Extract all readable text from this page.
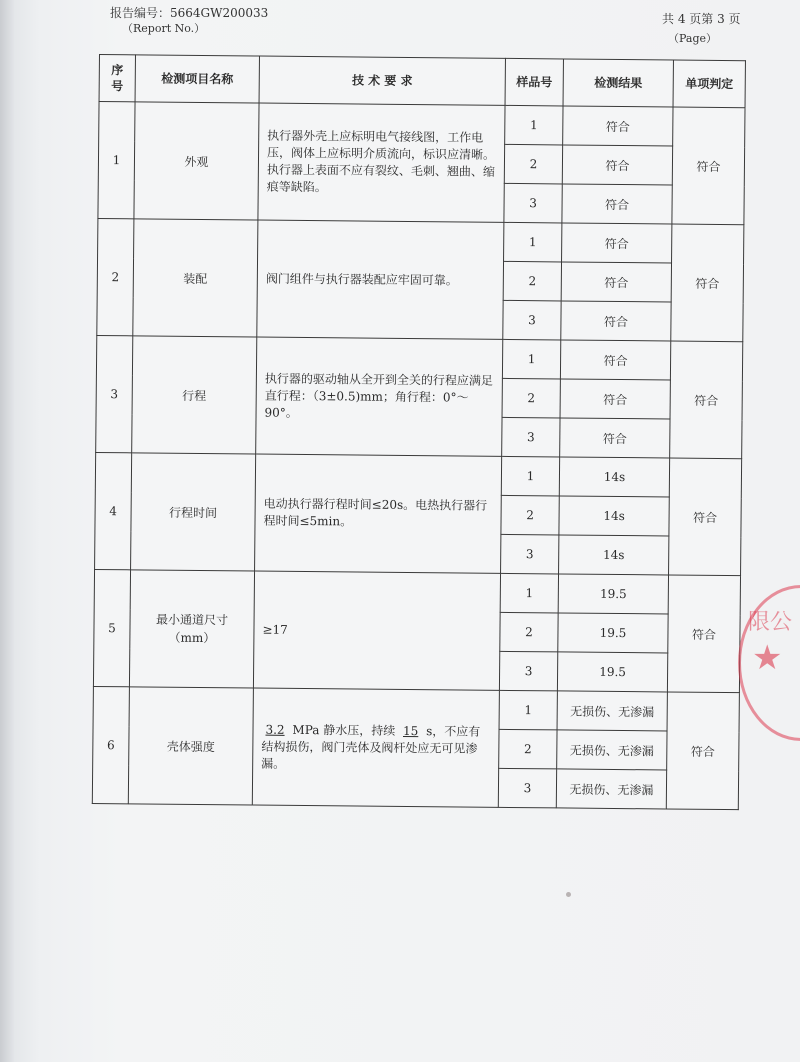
报告编号：5664GW200033
（Report No.）
共 4 页第 3 页
（Page）
序号	检测项目名称	技 术 要 求	样品号	检测结果	单项判定
1	外观	执行器外壳上应标明电气接线图，工作电压，阀体上应标明介质流向，标识应清晰。执行器上表面不应有裂纹、毛刺、翘曲、缩痕等缺陷。	1	符合	符合
			2	符合	
			3	符合	
2	装配	阀门组件与执行器装配应牢固可靠。	1	符合	符合
			2	符合	
			3	符合	
3	行程	执行器的驱动轴从全开到全关的行程应满足直行程：（3±0.5)mm；角行程：0°～90°。	1	符合	符合
			2	符合	
			3	符合	
4	行程时间	电动执行器行程时间≤20s。电热执行器行程时间≤5min。	1	14s	符合
			2	14s	
			3	14s	
5	最小通道尺寸（mm）	≥17	1	19.5	符合
			2	19.5	
			3	19.5	
6	壳体强度	3.2 MPa 静水压，持续 15 s，不应有结构损伤，阀门壳体及阀杆处应无可见渗漏。	1	无损伤、无渗漏	符合
			2	无损伤、无渗漏	
			3	无损伤、无渗漏	
限公
★
